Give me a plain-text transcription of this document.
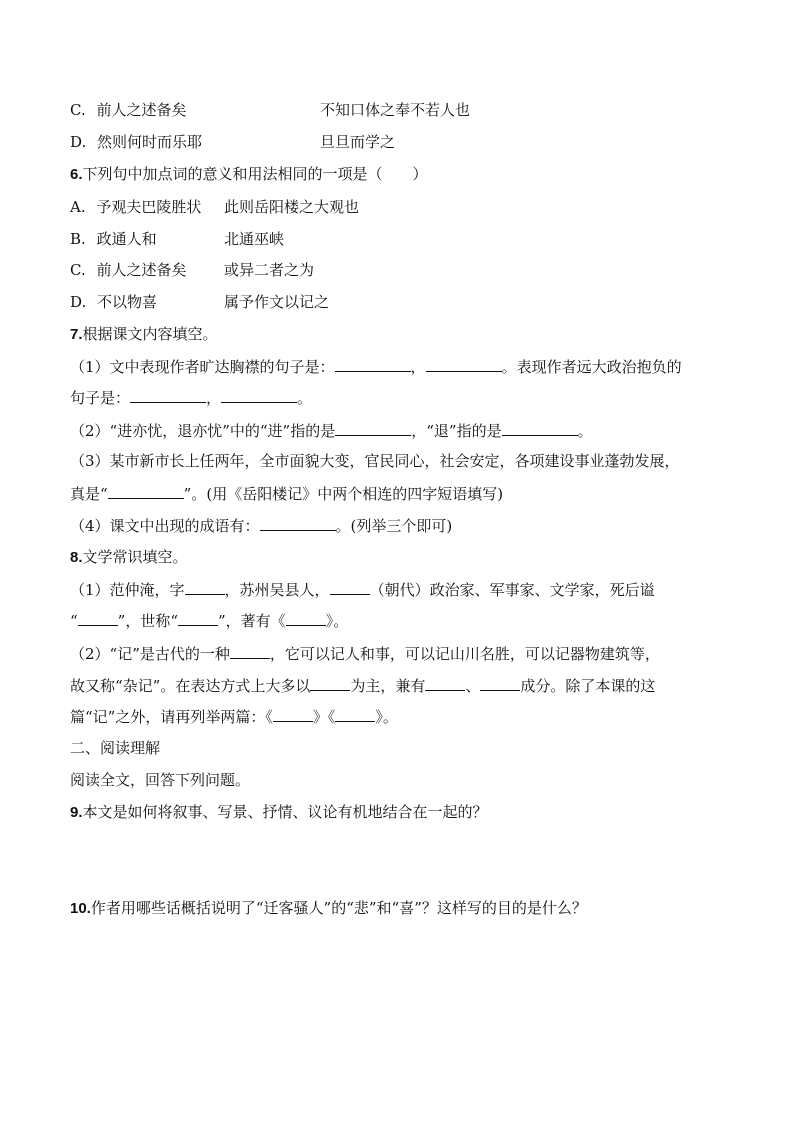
C. 前人之述备矣	不知口体之奉不若人也
D. 然则何时而乐耶	旦旦而学之
6.下列句中加点词的意义和用法相同的一项是（　　）
A. 予观夫巴陵胜状 此则岳阳楼之大观也
B. 政通人和	北通巫峡
C. 前人之述备矣 或异二者之为
D. 不以物喜	属予作文以记之
7.根据课文内容填空。
（1）文中表现作者旷达胸襟的句子是：	，	。表现作者远大政治抱负的
句子是：	，	。
（2）“进亦忧，退亦忧”中的“进”指的是	，“退”指的是	。
（3）某市新市长上任两年，全市面貌大变，官民同心，社会安定，各项建设事业蓬勃发展，
真是“	”。(用《岳阳楼记》中两个相连的四字短语填写)
（4）课文中出现的成语有：	。(列举三个即可)
8.文学常识填空。
（1）范仲淹，字	，苏州吴县人，	（朝代）政治家、军事家、文学家，死后谥
“	”，世称“	”，著有《	》。
（2）“记”是古代的一种	，它可以记人和事，可以记山川名胜，可以记器物建筑等，
故又称“杂记”。在表达方式上大多以	为主，兼有	、	成分。除了本课的这
篇“记”之外，请再列举两篇：《	》《	》。
二、阅读理解
阅读全文，回答下列问题。
9.本文是如何将叙事、写景、抒情、议论有机地结合在一起的？
10.作者用哪些话概括说明了“迁客骚人”的“悲”和“喜”？这样写的目的是什么？
